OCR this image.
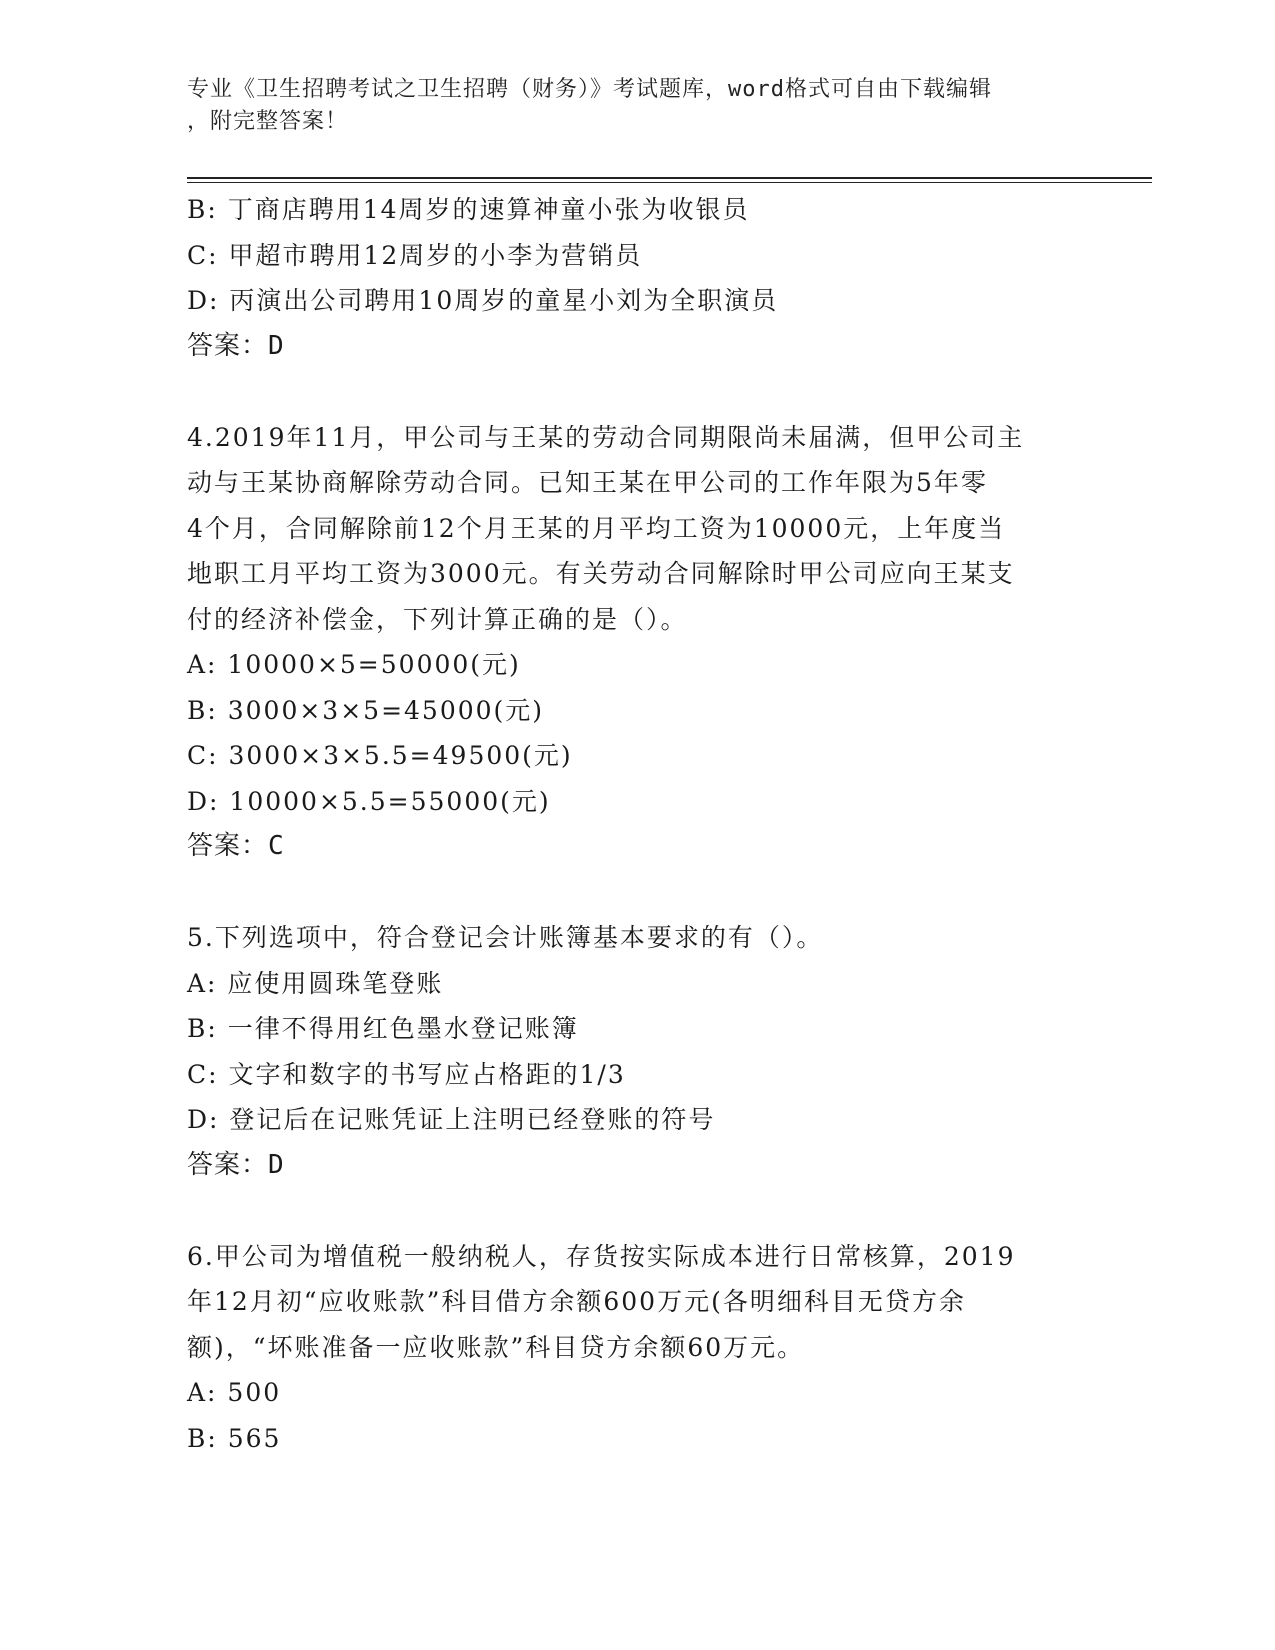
专业《卫生招聘考试之卫生招聘（财务）》考试题库，word格式可自由下载编辑
，附完整答案！
B: 丁商店聘用14周岁的速算神童小张为收银员
C: 甲超市聘用12周岁的小李为营销员
D: 丙演出公司聘用10周岁的童星小刘为全职演员
答案：D
4.2019年11月，甲公司与王某的劳动合同期限尚未届满，但甲公司主
动与王某协商解除劳动合同。已知王某在甲公司的工作年限为5年零
4个月，合同解除前12个月王某的月平均工资为10000元，上年度当
地职工月平均工资为3000元。有关劳动合同解除时甲公司应向王某支
付的经济补偿金，下列计算正确的是（）。
A: 10000×5=50000(元)
B: 3000×3×5=45000(元)
C: 3000×3×5.5=49500(元)
D: 10000×5.5=55000(元)
答案：C
5.下列选项中，符合登记会计账簿基本要求的有（）。
A: 应使用圆珠笔登账
B: 一律不得用红色墨水登记账簿
C: 文字和数字的书写应占格距的1/3
D: 登记后在记账凭证上注明已经登账的符号
答案：D
6.甲公司为增值税一般纳税人，存货按实际成本进行日常核算，2019
年12月初“应收账款”科目借方余额600万元(各明细科目无贷方余
额)，“坏账准备一应收账款”科目贷方余额60万元。
A: 500
B: 565
